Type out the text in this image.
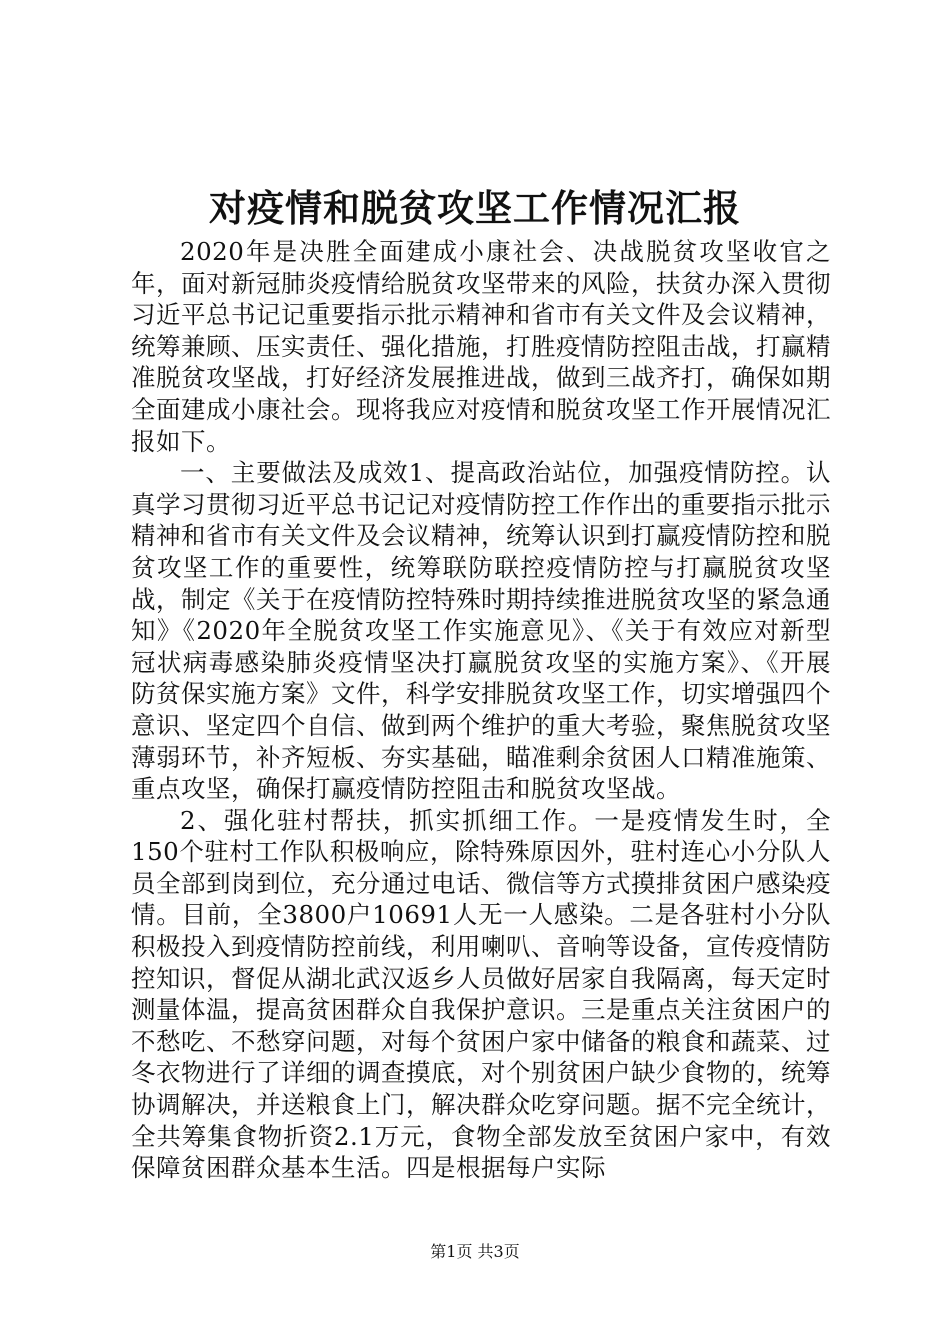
对疫情和脱贫攻坚工作情况汇报

2020年是决胜全面建成小康社会、决战脱贫攻坚收官之年，面对新冠肺炎疫情给脱贫攻坚带来的风险，扶贫办深入贯彻习近平总书记记重要指示批示精神和省市有关文件及会议精神，统筹兼顾、压实责任、强化措施，打胜疫情防控阻击战，打赢精准脱贫攻坚战，打好经济发展推进战，做到三战齐打，确保如期全面建成小康社会。现将我应对疫情和脱贫攻坚工作开展情况汇报如下。

一、主要做法及成效1、提高政治站位，加强疫情防控。认真学习贯彻习近平总书记记对疫情防控工作作出的重要指示批示精神和省市有关文件及会议精神，统筹认识到打赢疫情防控和脱贫攻坚工作的重要性，统筹联防联控疫情防控与打赢脱贫攻坚战，制定《关于在疫情防控特殊时期持续推进脱贫攻坚的紧急通知》《2020年全脱贫攻坚工作实施意见》、《关于有效应对新型冠状病毒感染肺炎疫情坚决打赢脱贫攻坚的实施方案》、《开展防贫保实施方案》文件，科学安排脱贫攻坚工作，切实增强四个意识、坚定四个自信、做到两个维护的重大考验，聚焦脱贫攻坚薄弱环节，补齐短板、夯实基础，瞄准剩余贫困人口精准施策、重点攻坚，确保打赢疫情防控阻击和脱贫攻坚战。

2、强化驻村帮扶，抓实抓细工作。一是疫情发生时，全150个驻村工作队积极响应，除特殊原因外，驻村连心小分队人员全部到岗到位，充分通过电话、微信等方式摸排贫困户感染疫情。目前，全3800户10691人无一人感染。二是各驻村小分队积极投入到疫情防控前线，利用喇叭、音响等设备，宣传疫情防控知识，督促从湖北武汉返乡人员做好居家自我隔离，每天定时测量体温，提高贫困群众自我保护意识。三是重点关注贫困户的不愁吃、不愁穿问题，对每个贫困户家中储备的粮食和蔬菜、过冬衣物进行了详细的调查摸底，对个别贫困户缺少食物的，统筹协调解决，并送粮食上门，解决群众吃穿问题。据不完全统计，全共筹集食物折资2.1万元，食物全部发放至贫困户家中，有效保障贫困群众基本生活。四是根据每户实际

第1页 共3页
